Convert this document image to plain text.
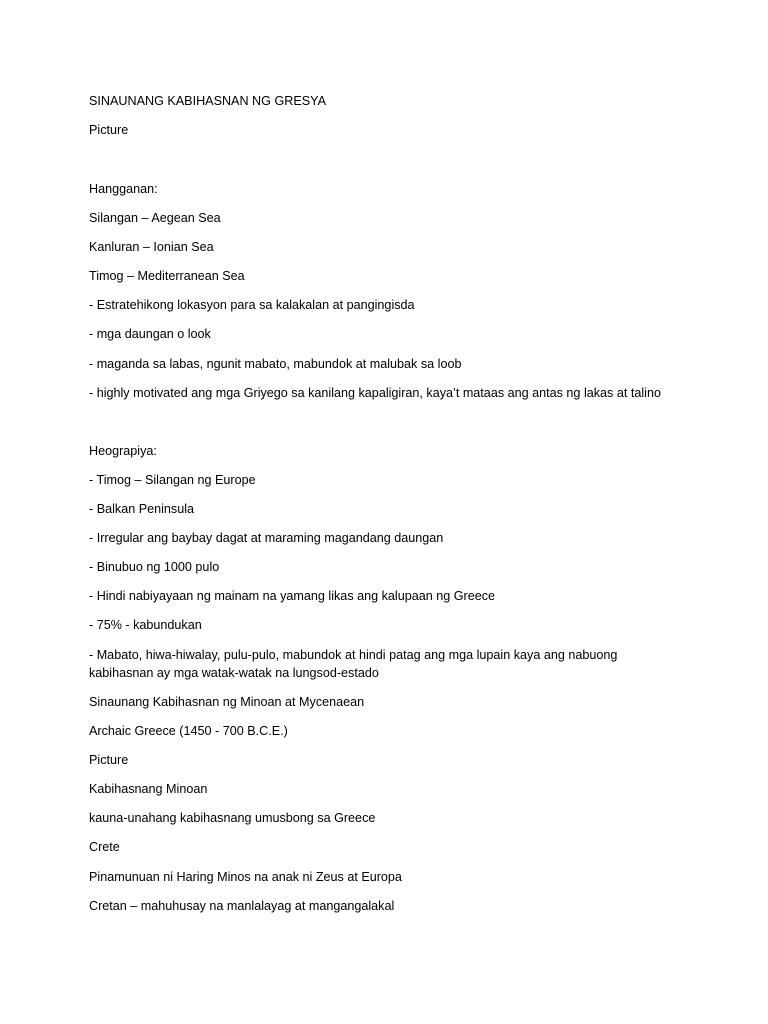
SINAUNANG KABIHASNAN NG GRESYA
Picture
Hangganan:
Silangan – Aegean Sea
Kanluran – Ionian Sea
Timog – Mediterranean Sea
- Estratehikong lokasyon para sa kalakalan at pangingisda
- mga daungan o look
- maganda sa labas, ngunit mabato, mabundok at malubak sa loob
- highly motivated ang mga Griyego sa kanilang kapaligiran, kaya’t mataas ang antas ng lakas at talino
Heograpiya:
- Timog – Silangan ng Europe
- Balkan Peninsula
- Irregular ang baybay dagat at maraming magandang daungan
- Binubuo ng 1000 pulo
- Hindi nabiyayaan ng mainam na yamang likas ang kalupaan ng Greece
- 75% - kabundukan
- Mabato, hiwa-hiwalay, pulu-pulo, mabundok at hindi patag ang mga lupain kaya ang nabuong kabihasnan ay mga watak-watak na lungsod-estado
Sinaunang Kabihasnan ng Minoan at Mycenaean
Archaic Greece (1450 - 700 B.C.E.)
Picture
Kabihasnang Minoan
kauna-unahang kabihasnang umusbong sa Greece
Crete
Pinamunuan ni Haring Minos na anak ni Zeus at Europa
Cretan – mahuhusay na manlalayag at mangangalakal
